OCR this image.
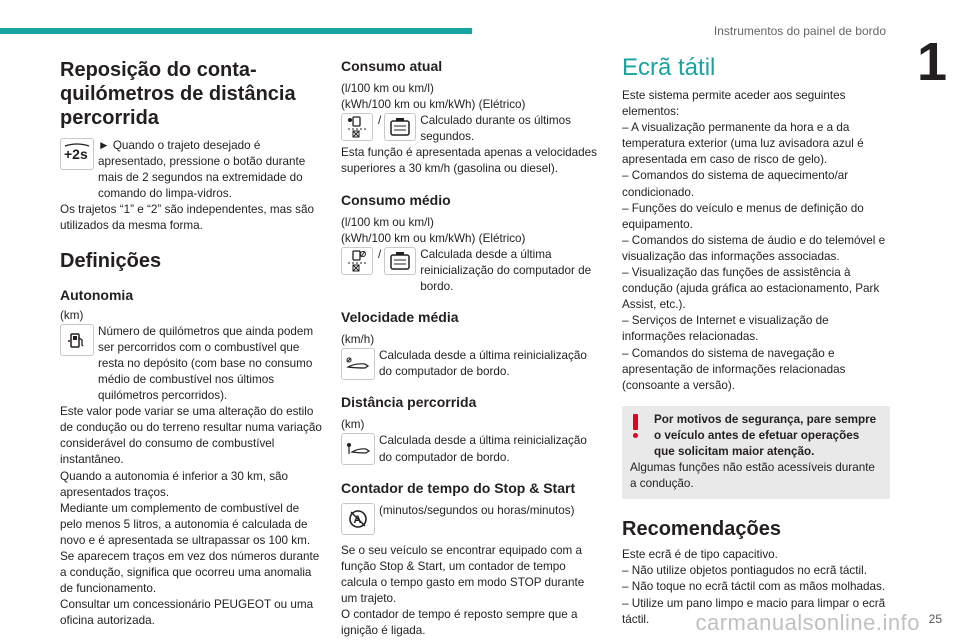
Instrumentos do painel de bordo
1
Reposição do conta-quilómetros de distância percorrida
+2s

► Quando o trajeto desejado é apresentado, pressione o botão durante mais de 2 segundos na extremidade do comando do limpa-vidros.

Os trajetos “1” e “2” são independentes, mas são utilizados da mesma forma.

Definições
Autonomia

(km)

Número de quilómetros que ainda podem ser percorridos com o combustível que resta no depósito (com base no consumo médio de combustível nos últimos quilómetros percorridos).

Este valor pode variar se uma alteração do estilo de condução ou do terreno resultar numa variação considerável do consumo de combustível instantâneo.

Quando a autonomia é inferior a 30 km, são apresentados traços.

Mediante um complemento de combustível de pelo menos 5 litros, a autonomia é calculada de novo e é apresentada se ultrapassar os 100 km.

Se aparecem traços em vez dos números durante a condução, significa que ocorreu uma anomalia de funcionamento.

Consultar um concessionário PEUGEOT ou uma oficina autorizada.

Consumo atual

(l/100 km ou km/l)

(kWh/100 km ou km/kWh) (Elétrico)

/	Calculado durante os últimos segundos.

Esta função é apresentada apenas a velocidades superiores a 30 km/h (gasolina ou diesel).

Consumo médio

(l/100 km ou km/l)

(kWh/100 km ou km/kWh) (Elétrico)

/	Calculada desde a última reinicialização do computador de bordo.

Velocidade média

(km/h)

Calculada desde a última reinicialização do computador de bordo.

Distância percorrida

(km)

Calculada desde a última reinicialização do computador de bordo.

Contador de tempo do Stop & Start
A

(minutos/segundos ou horas/minutos)

Se o seu veículo se encontrar equipado com a função Stop & Start, um contador de tempo calcula o tempo gasto em modo STOP durante um trajeto.

O contador de tempo é reposto sempre que a ignição é ligada.

Ecrã tátil

Este sistema permite aceder aos seguintes elementos:

– A visualização permanente da hora e a da temperatura exterior (uma luz avisadora azul é apresentada em caso de risco de gelo).

– Comandos do sistema de aquecimento/ar condicionado.

– Funções do veículo e menus de definição do equipamento.

– Comandos do sistema de áudio e do telemóvel e visualização das informações associadas.

– Visualização das funções de assistência à condução (ajuda gráfica ao estacionamento, Park Assist, etc.).

– Serviços de Internet e visualização de informações relacionadas.

– Comandos do sistema de navegação e apresentação de informações relacionadas (consoante a versão).

Por motivos de segurança, pare sempre o veículo antes de efetuar operações que solicitam maior atenção.

Algumas funções não estão acessíveis durante a condução.

Recomendações

Este ecrã é de tipo capacitivo.

– Não utilize objetos pontiagudos no ecrã táctil.

– Não toque no ecrã táctil com as mãos molhadas.

– Utilize um pano limpo e macio para limpar o ecrã táctil.	carmanualsonline.info 25
